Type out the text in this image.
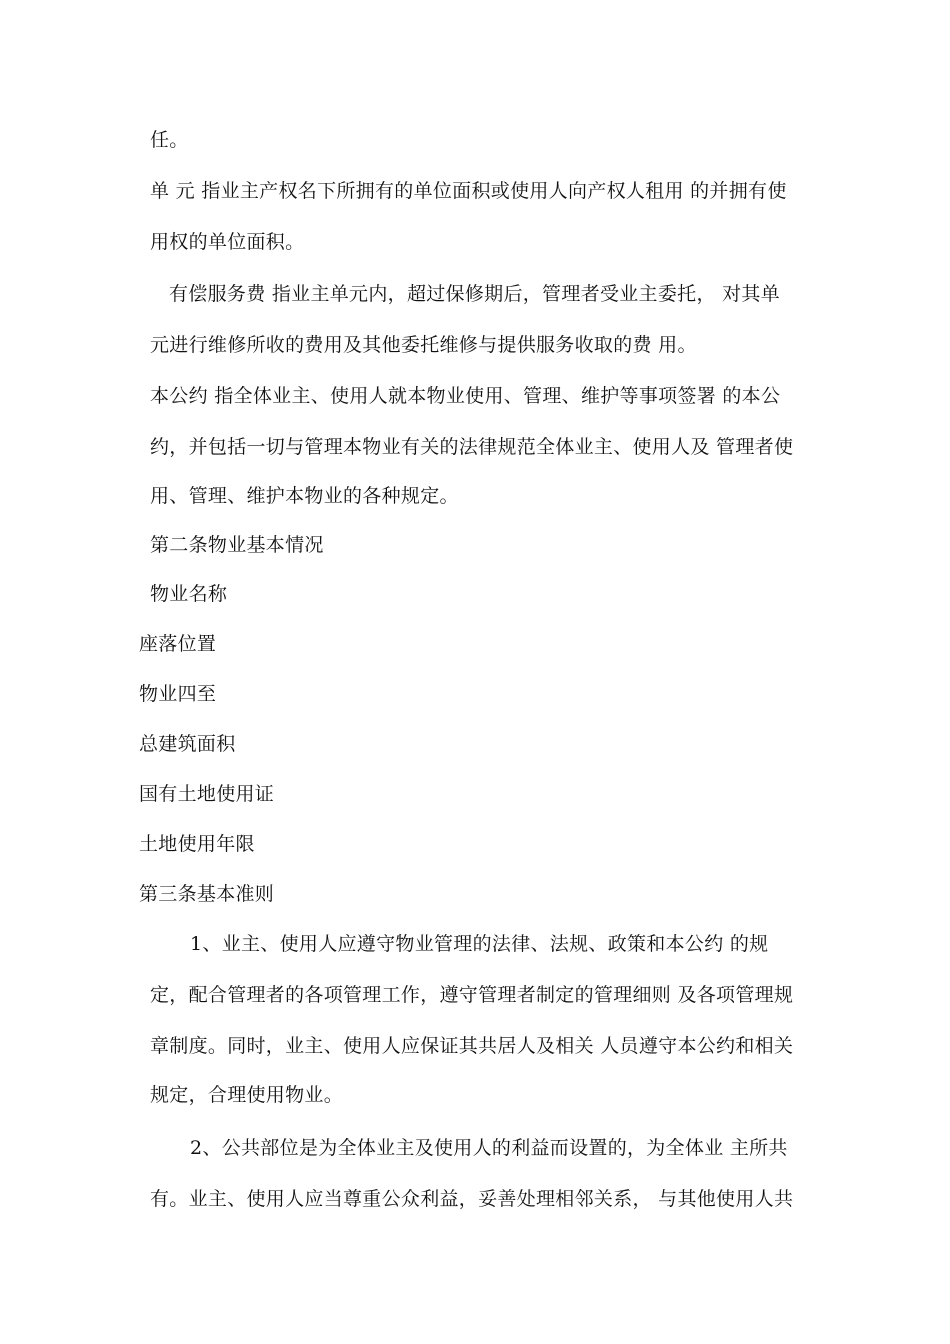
任。
单 元 指业主产权名下所拥有的单位面积或使用人向产权人租用 的并拥有使
用权的单位面积。
有偿服务费 指业主单元内，超过保修期后，管理者受业主委托， 对其单
元进行维修所收的费用及其他委托维修与提供服务收取的费 用。
本公约 指全体业主、使用人就本物业使用、管理、维护等事项签署 的本公
约，并包括一切与管理本物业有关的法律规范全体业主、使用人及 管理者使
用、管理、维护本物业的各种规定。
第二条物业基本情况
物业名称
座落位置
物业四至
总建筑面积
国有土地使用证
土地使用年限
第三条基本准则
1、业主、使用人应遵守物业管理的法律、法规、政策和本公约 的规
定，配合管理者的各项管理工作，遵守管理者制定的管理细则 及各项管理规
章制度。同时，业主、使用人应保证其共居人及相关 人员遵守本公约和相关
规定，合理使用物业。
2、公共部位是为全体业主及使用人的利益而设置的，为全体业 主所共
有。业主、使用人应当尊重公众利益，妥善处理相邻关系， 与其他使用人共
